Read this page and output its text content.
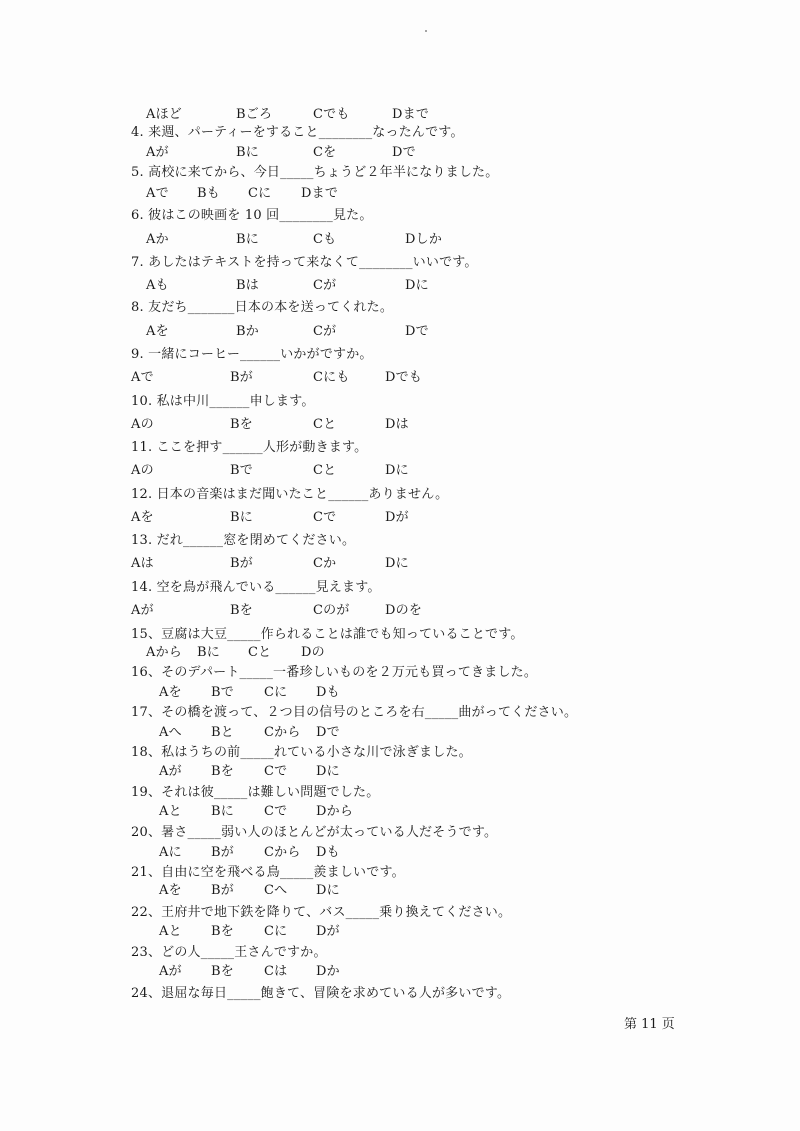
Aほど	Bごろ	Cでも	Dまで
4. 来週、パーティーをすること________なったんです。
Aが	Bに	Cを	Dで
5. 高校に来てから、今日_____ちょうど２年半になりました。
Aで Bも Cに Dまで
6. 彼はこの映画を 10 回________見た。
Aか	Bに	Cも	Dしか
7. あしたはテキストを持って来なくて________いいです。
Aも	Bは	Cが	Dに
8. 友だち_______日本の本を送ってくれた。
Aを	Bか	Cが	Dで
9. 一緒にコーヒー______いかがですか。
Aで	Bが	Cにも	Dでも
10. 私は中川______申します。
Aの	Bを	Cと	Dは
11. ここを押す______人形が動きます。
Aの	Bで	Cと	Dに
12. 日本の音楽はまだ聞いたこと______ありません。
Aを	Bに	Cで	Dが
13. だれ______窓を閉めてください。
Aは	Bが	Cか	Dに
14. 空を鳥が飛んでいる______見えます。
Aが	Bを	Cのが	Dのを
15、豆腐は大豆_____作られることは誰でも知っていることです。
Aから Bに Cと Dの
16、そのデパート_____一番珍しいものを２万元も買ってきました。
Aを Bで Cに Dも
17、その橋を渡って、２つ目の信号のところを右_____曲がってください。
Aへ Bと Cから Dで
18、私はうちの前_____れている小さな川で泳ぎました。
Aが Bを Cで Dに
19、それは彼_____は難しい問題でした。
Aと Bに Cで Dから
20、暑さ_____弱い人のほとんどが太っている人だそうです。
Aに Bが Cから Dも
21、自由に空を飛べる鳥_____羨ましいです。
Aを Bが Cへ Dに
22、王府井で地下鉄を降りて、バス_____乗り換えてください。
Aと Bを Cに Dが
23、どの人_____王さんですか。
Aが Bを Cは Dか
24、退屈な毎日_____飽きて、冒険を求めている人が多いです。
第 11 页
